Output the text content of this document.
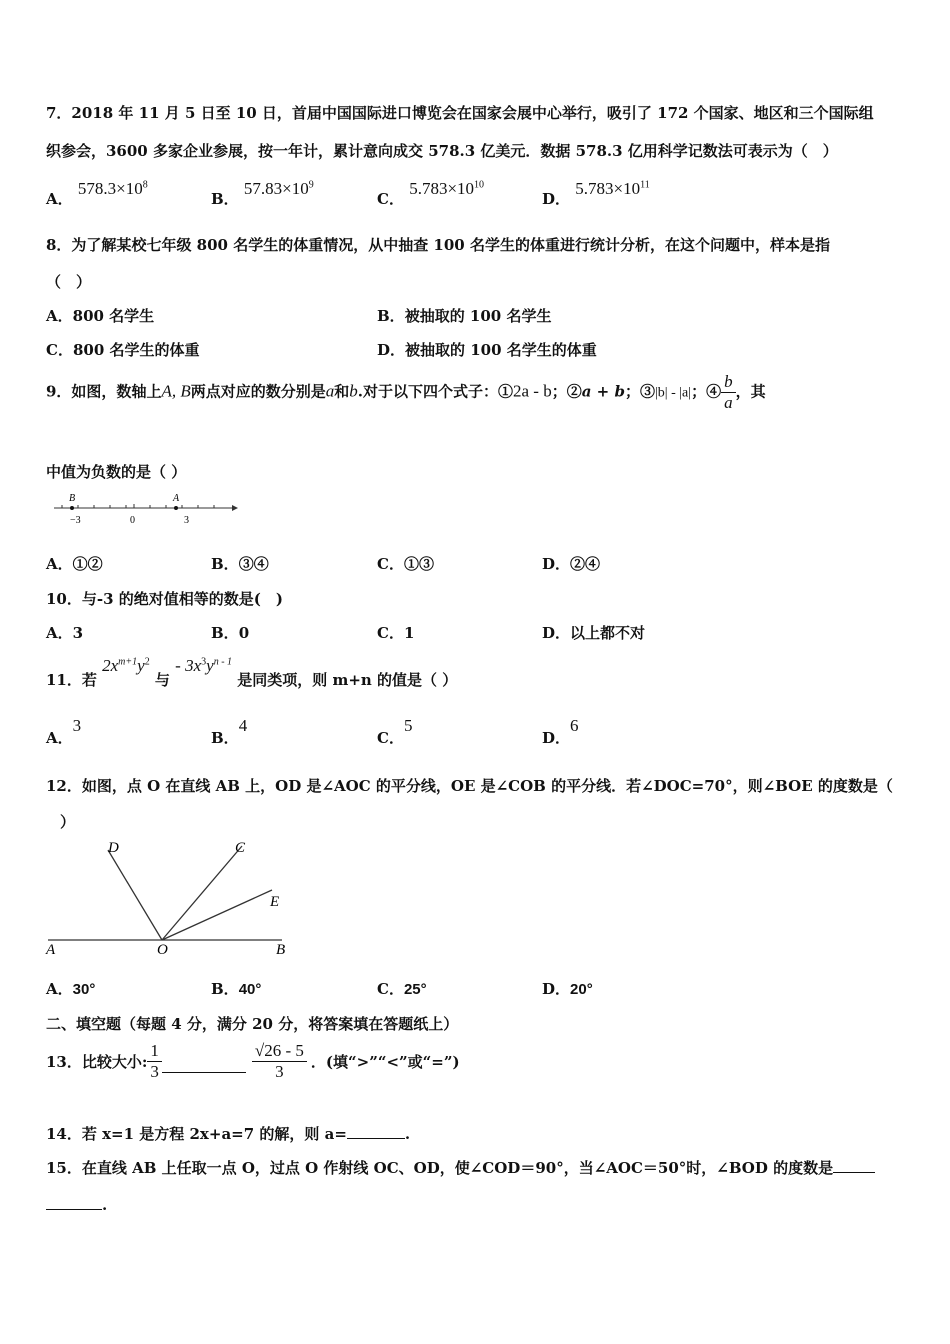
7．2018 年 11 月 5 日至 10 日，首届中国国际进口博览会在国家会展中心举行，吸引了 172 个国家、地区和三个国际组
织参会，3600 多家企业参展，按一年计，累计意向成交 578.3 亿美元．数据 578.3 亿用科学记数法可表示为（　）
A． $578.3\times 10^8$
B． $57.83\times 10^9$
C． $5.783\times 10^{10}$
D． $5.783\times 10^{11}$
8．为了解某校七年级 800 名学生的体重情况，从中抽查 100 名学生的体重进行统计分析，在这个问题中，样本是指
（　）
A．800 名学生	B．被抽取的 100 名学生
C．800 名学生的体重	D．被抽取的 100 名学生的体重
9．如图，数轴上A, B两点对应的数分别是a和b.对于以下四个式子：①2a - b；②a + b；③|b| - |a|；④ $\frac{b}{a}$ ，其
中值为负数的是（ ）
B	A
−3	0	3
A．①②	B．③④	C．①③	D．②④
10．与-3 的绝对值相等的数是(　)
A．3	B．0	C．1	D．以上都不对
11．若 $2x^{m+1}y^2$ 与 - $3x^3y^{n - 1}$ 是同类项，则 m+n 的值是（ ）
A．3
B．4
C．5
D．6
12．如图，点 O 在直线 AB 上，OD 是∠AOC 的平分线，OE 是∠COB 的平分线．若∠DOC=70°，则∠BOE 的度数是（
）
A	O	B
D	C
E
A．30°	B．40°	C．25°	D．20°
二、填空题（每题 4 分，满分 20 分，将答案填在答题纸上）
13．比较大小: $\frac{1}{3}$	$\frac{√26 - 5}{3}$ ．(填“>”“<”或“=”)
14．若 x=1 是方程 2x+a=7 的解，则 a=	.
15．在直线 AB 上任取一点 O，过点 O 作射线 OC、OD，使∠COD＝90°，当∠AOC＝50°时，∠BOD 的度数是
.
